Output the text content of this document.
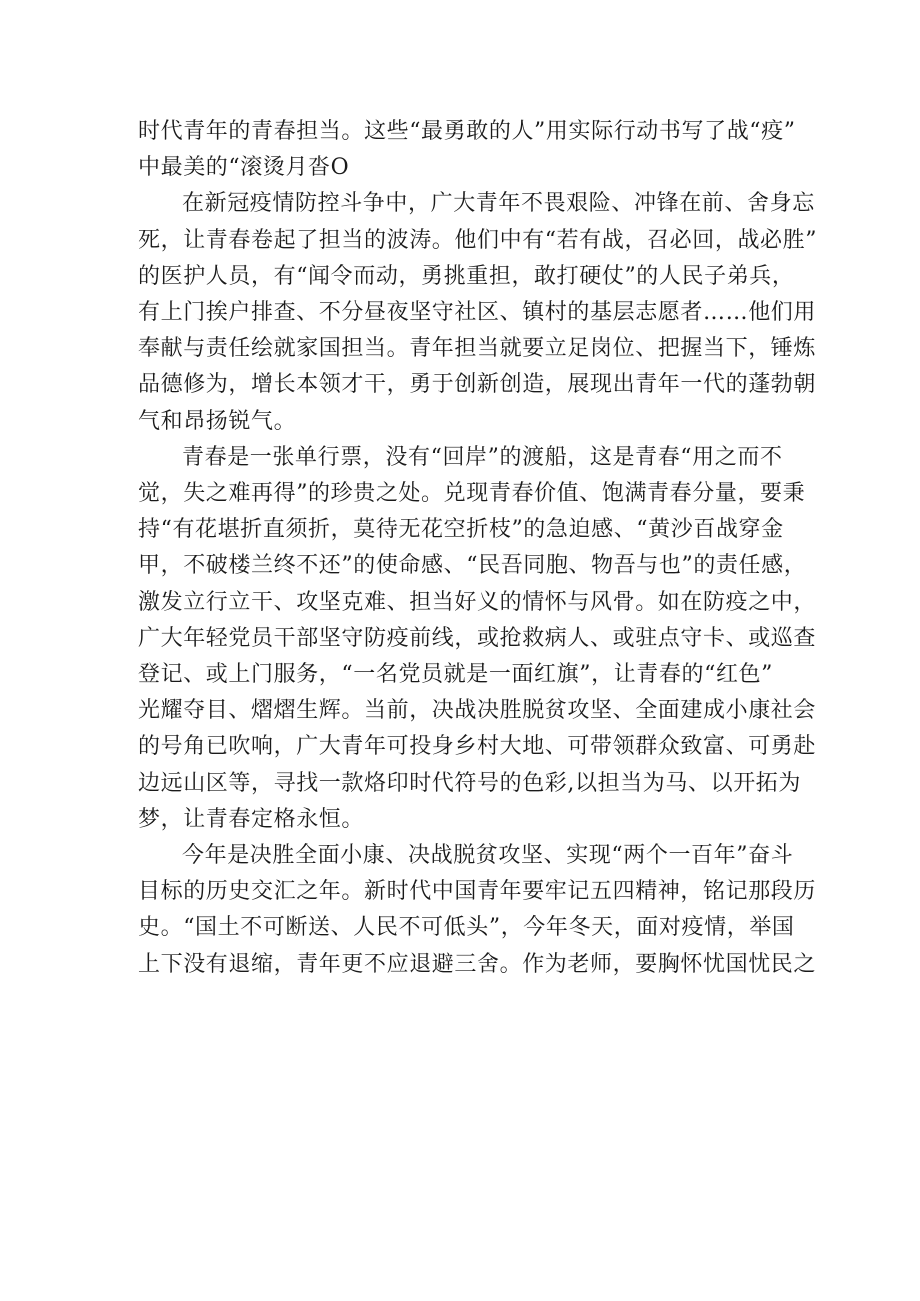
时代青年的青春担当。这些“最勇敢的人”用实际行动书写了战“疫”
中最美的“滚烫月沓O

在新冠疫情防控斗争中，广大青年不畏艰险、冲锋在前、舍身忘
死，让青春卷起了担当的波涛。他们中有“若有战，召必回，战必胜”
的医护人员，有“闻令而动，勇挑重担，敢打硬仗”的人民子弟兵，
有上门挨户排查、不分昼夜坚守社区、镇村的基层志愿者……他们用
奉献与责任绘就家国担当。青年担当就要立足岗位、把握当下，锤炼
品德修为，增长本领才干，勇于创新创造，展现出青年一代的蓬勃朝
气和昂扬锐气。

青春是一张单行票，没有“回岸”的渡船，这是青春“用之而不
觉，失之难再得”的珍贵之处。兑现青春价值、饱满青春分量，要秉
持“有花堪折直须折，莫待无花空折枝”的急迫感、“黄沙百战穿金
甲，不破楼兰终不还”的使命感、“民吾同胞、物吾与也”的责任感，
激发立行立干、攻坚克难、担当好义的情怀与风骨。如在防疫之中，
广大年轻党员干部坚守防疫前线，或抢救病人、或驻点守卡、或巡查
登记、或上门服务，“一名党员就是一面红旗”，让青春的“红色”
光耀夺目、熠熠生辉。当前，决战决胜脱贫攻坚、全面建成小康社会
的号角已吹响，广大青年可投身乡村大地、可带领群众致富、可勇赴
边远山区等，寻找一款烙印时代符号的色彩,以担当为马、以开拓为
梦，让青春定格永恒。

今年是决胜全面小康、决战脱贫攻坚、实现“两个一百年”奋斗
目标的历史交汇之年。新时代中国青年要牢记五四精神，铭记那段历
史。“国土不可断送、人民不可低头”，今年冬天，面对疫情，举国
上下没有退缩，青年更不应退避三舍。作为老师，要胸怀忧国忧民之
